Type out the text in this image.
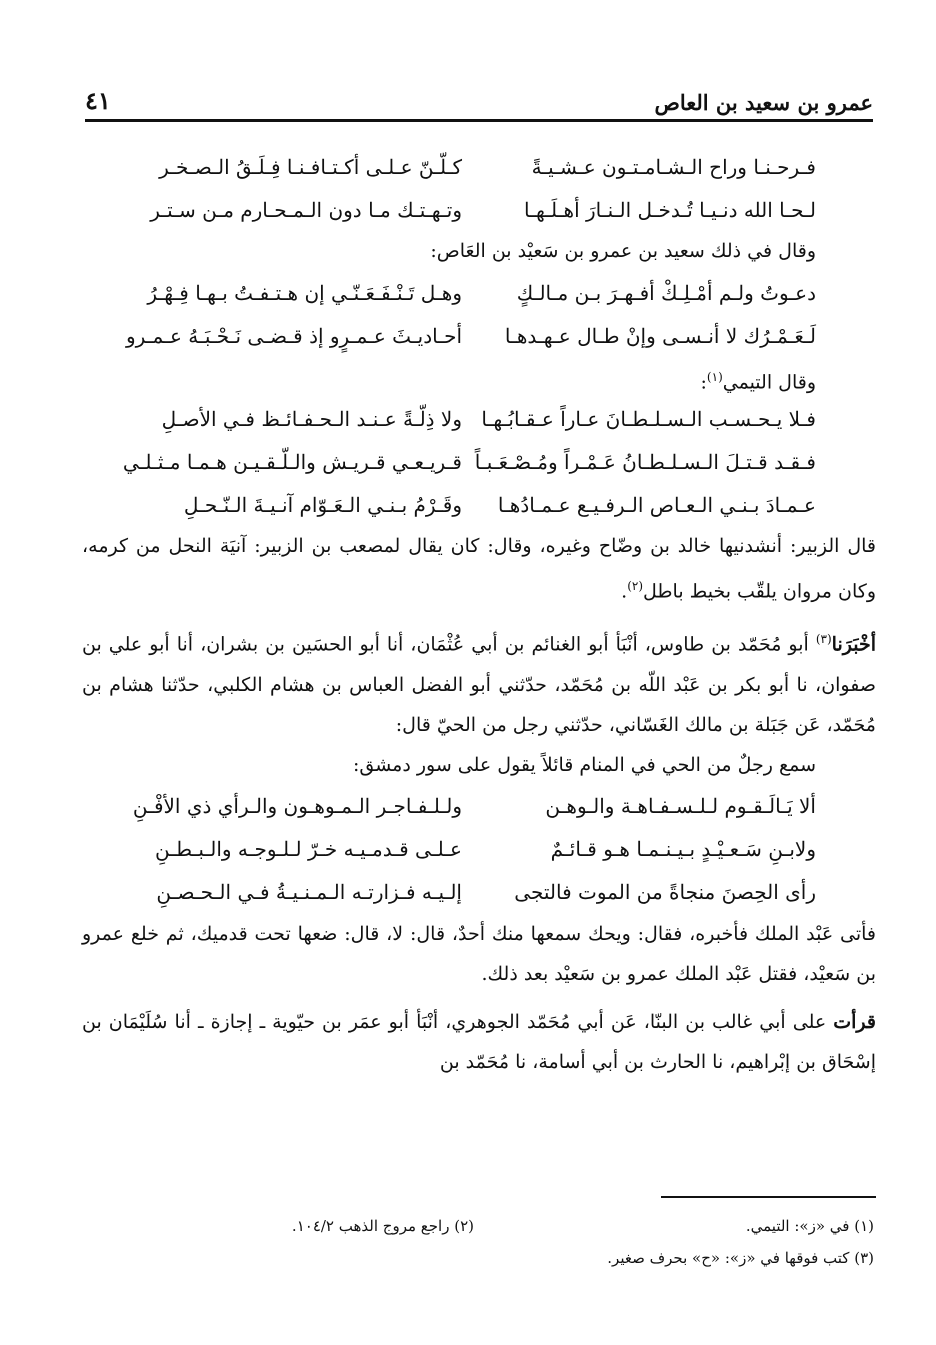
عمرو بن سعيد بن العاص
٤١
فـرحـنـا وراح الـشـامـتـون عـشـيـةً
كـلّـنّ عـلـى أكـتـافـنـا فِـلَـقُ الـصـخـر
لـحـا الله دنـيـا تُـدخـل الـنـارَ أهـلَـهـا
وتـهـتـك مـا دون الـمـحـارم مـن سـتـر
وقال في ذلك سعيد بن عمرو بن سَعيْد بن العَاص:
دعـوتُ ولـم أمْـلِـكْ أفـهـرَ بـن مـالـكٍ
وهـل تَـنْـفَـعَـنّـي إن هـتـفـتُ بـهـا فِـهْـرُ
لَـعَـمْـرُك لا أنـسـى وإنْ طـال عـهـدهـا
أحـاديـثَ عـمـرٍو إذ قـضـى نَـحْـبَـهُ عـمـرو
وقال التيمي$^{(١)}$:
فـلا يـحـسـب الـسـلـطـانَ عـاراً عـقـابُـهـا
ولا ذِلّـةً عـنـد الـحـفـائـظ فـي الأصـلِ
فـقـد قـتـلَ الـسـلـطـانُ عَـمْـراً ومُـصْـعَـبـاً
قـريـعـي قـريـش والـلّـقـيـن هـمـا مـثـلـي
عـمـادَ بـنـي الـعـاص الـرفـيـع عـمـادُهـا
وقَـرْمُ بـنـي الـعَـوّام آنـيـةَ الـنّـحـلِ

قال الزبير: أنشدنيها خالد بن وضّاح وغيره، وقال: كان يقال لمصعب بن الزبير: آنيَة النحل من كرمه، وكان مروان يلقّب بخيط باطل$^{(٢)}$.

أخْبَرَنا$^{(٣)}$ أبو مُحَمّد بن طاوس، أنْبَأ أبو الغنائم بن أبي عُثْمَان، أنا أبو الحسَين بن بشران، أنا أبو علي بن صفوان، نا أبو بكر بن عَبْد اللّه بن مُحَمّد، حدّثني أبو الفضل العباس بن هشام الكلبي، حدّثنا هشام بن مُحَمّد، عَن جَبَلة بن مالك الغَسّاني، حدّثني رجل من الحيّ قال:

سمع رجلٌ من الحي في المنام قائلاً يقول على سور دمشق:
ألا يَـالَـقـوم لـلـسـفـاهـة والـوهـن
ولـلـفـاجـر الـمـوهـون والـرأي ذي الأفْـنِ
ولابـنِ سَـعـيْـدٍ بـيـنـمـا هـو قـائـمٌ
عـلـى قـدمـيـه خـرّ لـلـوجـه والـبـطـنِ
رأى الحِصنَ منجاةً من الموت فالتجى
إلـيـه فـزارتـه الـمـنـيـةُ فـي الـحـصـنِ

فأتى عَبْد الملك فأخبره، فقال: ويحك سمعها منك أحدٌ، قال: لا، قال: ضعها تحت قدميك، ثم خلع عمرو بن سَعيْد، فقتل عَبْد الملك عمرو بن سَعيْد بعد ذلك.

قرأت على أبي غالب بن البنّا، عَن أبي مُحَمّد الجوهري، أنْبَأ أبو عمَر بن حيّوية ـ إجازة ـ أنا سُلَيْمَان بن إسْحَاق بن إبْراهيم، نا الحارث بن أبي أسامة، نا مُحَمّد بن

(١) في «ز»: التيمي.
(٢) راجع مروج الذهب ١٠٤/٢.
(٣) كتب فوقها في «ز»: «ح» بحرف صغير.
